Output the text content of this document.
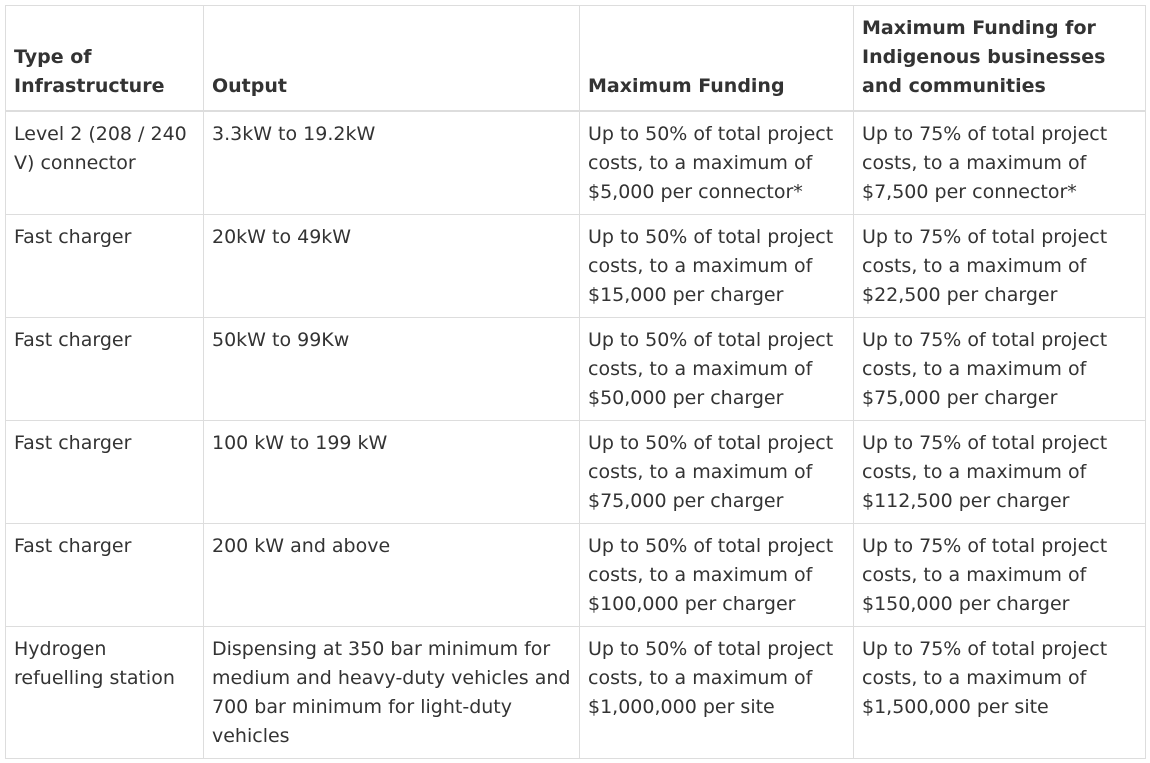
Type of Infrastructure	Output	Maximum Funding	Maximum Funding for Indigenous businesses and communities
Level 2 (208 / 240 V) connector	3.3kW to 19.2kW	Up to 50% of total project costs, to a maximum of $5,000 per connector*	Up to 75% of total project costs, to a maximum of $7,500 per connector*
Fast charger	20kW to 49kW	Up to 50% of total project costs, to a maximum of $15,000 per charger	Up to 75% of total project costs, to a maximum of $22,500 per charger
Fast charger	50kW to 99Kw	Up to 50% of total project costs, to a maximum of $50,000 per charger	Up to 75% of total project costs, to a maximum of $75,000 per charger
Fast charger	100 kW to 199 kW	Up to 50% of total project costs, to a maximum of $75,000 per charger	Up to 75% of total project costs, to a maximum of $112,500 per charger
Fast charger	200 kW and above	Up to 50% of total project costs, to a maximum of $100,000 per charger	Up to 75% of total project costs, to a maximum of $150,000 per charger
Hydrogen refuelling station	Dispensing at 350 bar minimum for medium and heavy-duty vehicles and 700 bar minimum for light-duty vehicles	Up to 50% of total project costs, to a maximum of $1,000,000 per site	Up to 75% of total project costs, to a maximum of $1,500,000 per site
